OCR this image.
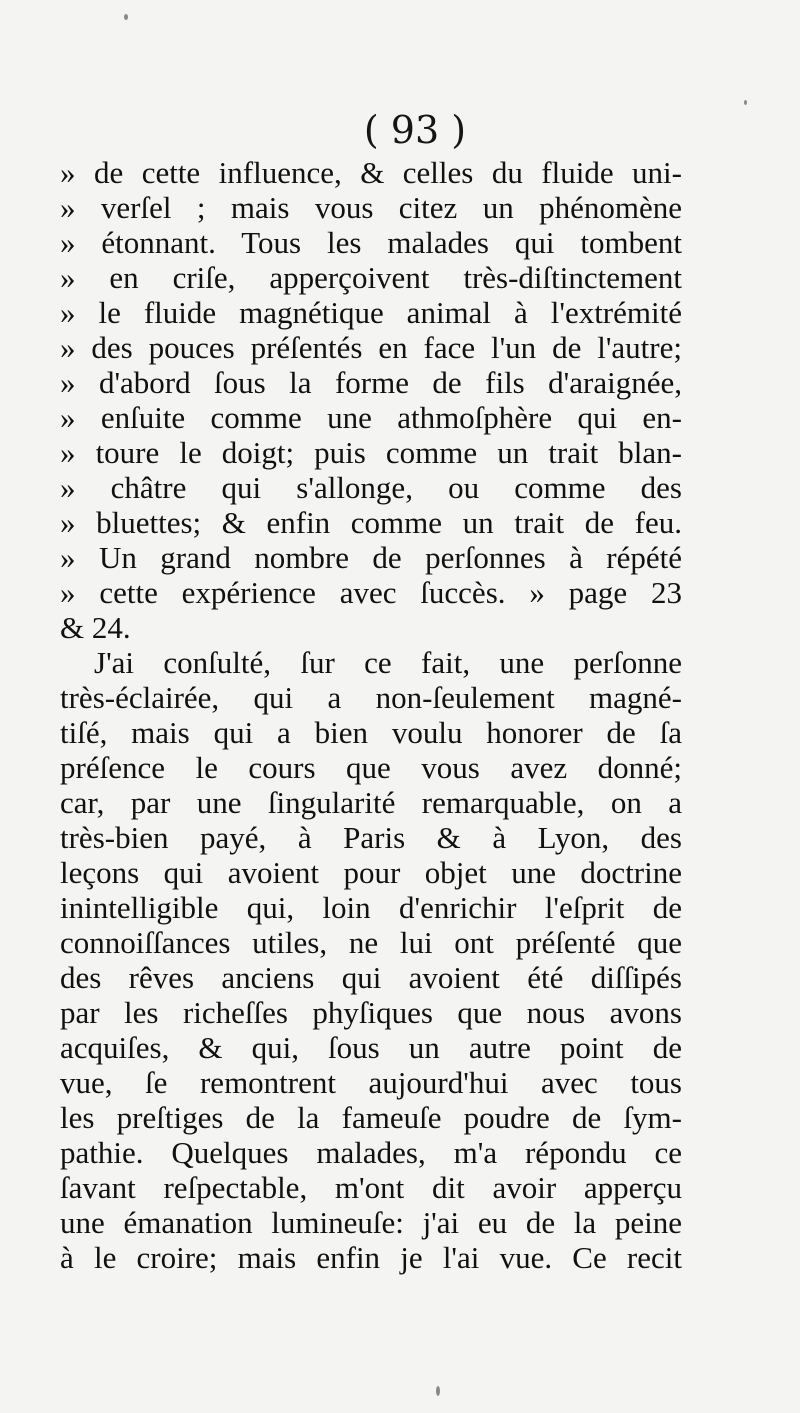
( 93 )

» de cette influence, & celles du fluide uni-
» verſel ; mais vous citez un phénomène
» étonnant. Tous les malades qui tombent
» en criſe, apperçoivent très-diſtinctement
» le fluide magnétique animal à l'extrémité
» des pouces préſentés en face l'un de l'autre;
» d'abord ſous la forme de fils d'araignée,
» enſuite comme une athmoſphère qui en-
» toure le doigt; puis comme un trait blan-
» châtre qui s'allonge, ou comme des
» bluettes; & enfin comme un trait de feu.
» Un grand nombre de perſonnes à répété
» cette expérience avec ſuccès. » page 23
& 24.
J'ai conſulté, ſur ce fait, une perſonne
très-éclairée, qui a non-ſeulement magné-
tiſé, mais qui a bien voulu honorer de ſa
préſence le cours que vous avez donné;
car, par une ſingularité remarquable, on a
très-bien payé, à Paris & à Lyon, des
leçons qui avoient pour objet une doctrine
inintelligible qui, loin d'enrichir l'eſprit de
connoiſſances utiles, ne lui ont préſenté que
des rêves anciens qui avoient été diſſipés
par les richeſſes phyſiques que nous avons
acquiſes, & qui, ſous un autre point de
vue, ſe remontrent aujourd'hui avec tous
les preſtiges de la fameuſe poudre de ſym-
pathie. Quelques malades, m'a répondu ce
ſavant reſpectable, m'ont dit avoir apperçu
une émanation lumineuſe: j'ai eu de la peine
à le croire; mais enfin je l'ai vue. Ce recit
